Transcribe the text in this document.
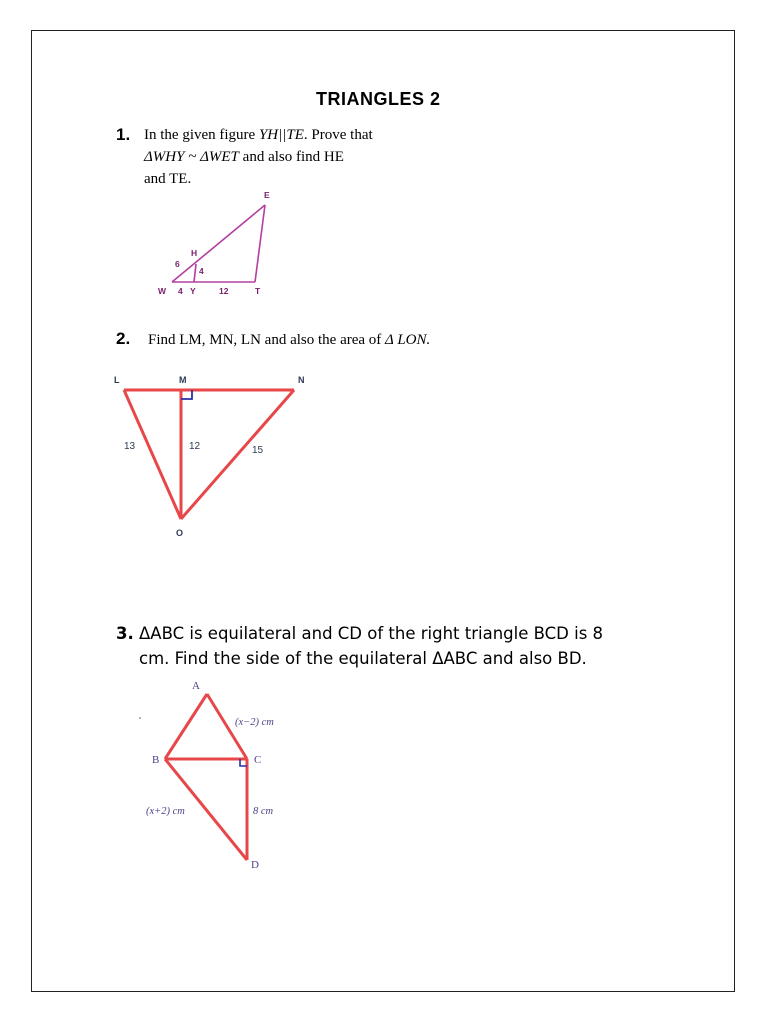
TRIANGLES 2
1. In the given figure YH||TE. Prove that
ΔWHY ~ ΔWET and also find HE
and TE.
E
H
W	Y	T
6
4
4	12
2. Find LM, MN, LN and also the area of Δ LON.
L	M	N
O
13	12	15
3. ΔABC is equilateral and CD of the right triangle BCD is 8
cm. Find the side of the equilateral ΔABC and also BD.
A
B	C
D
(x−2) cm
(x+2) cm	8 cm
